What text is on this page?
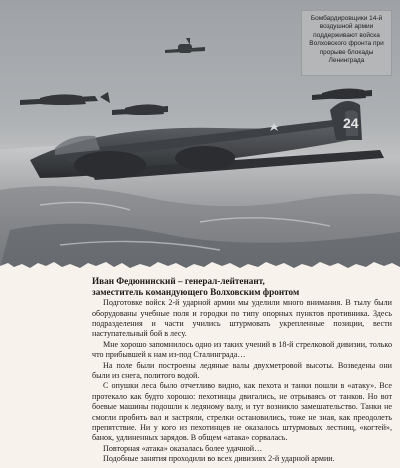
24
Бомбардировщики 14-й воздушной армии поддерживают войска Волховского фронта при прорыве блокады Ленинграда
Иван Федюнинский – генерал-лейтенант,
заместитель командующего Волховским фронтом

Подготовке войск 2-й ударной армии мы уделили много внимания. В тылу были оборудованы учебные поля и городки по типу опорных пунктов противника. Здесь подразделения и части учились штурмовать укрепленные позиции, вести наступательный бой в лесу.

Мне хорошо запомнилось одно из таких учений в 18-й стрелковой дивизии, только что прибывшей к нам из-под Сталинграда…

На поле были построены ледяные валы двухметровой высоты. Возведены они были из снега, политого водой.

С опушки леса было отчетливо видно, как пехота и танки пошли в «атаку». Все протекало как будто хорошо: пехотинцы двигались, не отрываясь от танков. Но вот боевые машины подошли к ледяному валу, и тут возникло замешательство. Танки не смогли пробить вал и застряли, стрелки остановились, тоже не зная, как преодолеть препятствие. Ни у кого из пехотинцев не оказалось штурмовых лестниц, «когтей», банок, удлиненных зарядов. В общем «атака» сорвалась.

Повторная «атака» оказалась более удачной…

Подобные занятия проходили во всех дивизиях 2-й ударной армии.
